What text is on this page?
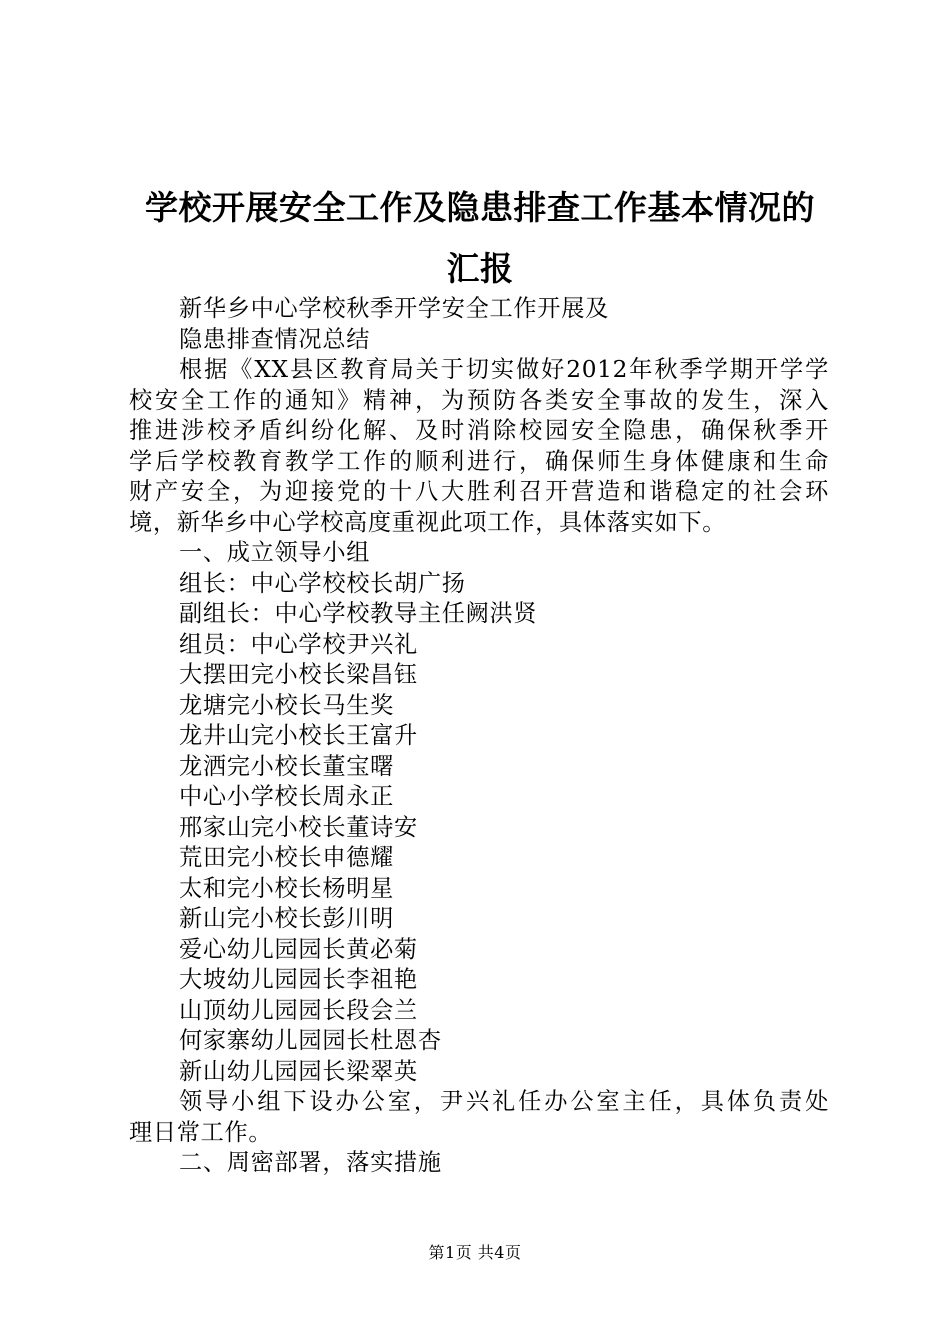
学校开展安全工作及隐患排查工作基本情况的
汇报
新华乡中心学校秋季开学安全工作开展及
隐患排查情况总结
根据《XX县区教育局关于切实做好2012年秋季学期开学学
校安全工作的通知》精神，为预防各类安全事故的发生，深入
推进涉校矛盾纠纷化解、及时消除校园安全隐患，确保秋季开
学后学校教育教学工作的顺利进行，确保师生身体健康和生命
财产安全，为迎接党的十八大胜利召开营造和谐稳定的社会环
境，新华乡中心学校高度重视此项工作，具体落实如下。
一、成立领导小组
组长：中心学校校长胡广扬
副组长：中心学校教导主任阙洪贤
组员：中心学校尹兴礼
大摆田完小校长梁昌钰
龙塘完小校长马生奖
龙井山完小校长王富升
龙洒完小校长董宝曙
中心小学校长周永正
邢家山完小校长董诗安
荒田完小校长申德耀
太和完小校长杨明星
新山完小校长彭川明
爱心幼儿园园长黄必菊
大坡幼儿园园长李祖艳
山顶幼儿园园长段会兰
何家寨幼儿园园长杜恩杏
新山幼儿园园长梁翠英
领导小组下设办公室，尹兴礼任办公室主任，具体负责处
理日常工作。
二、周密部署，落实措施
第1页 共4页
